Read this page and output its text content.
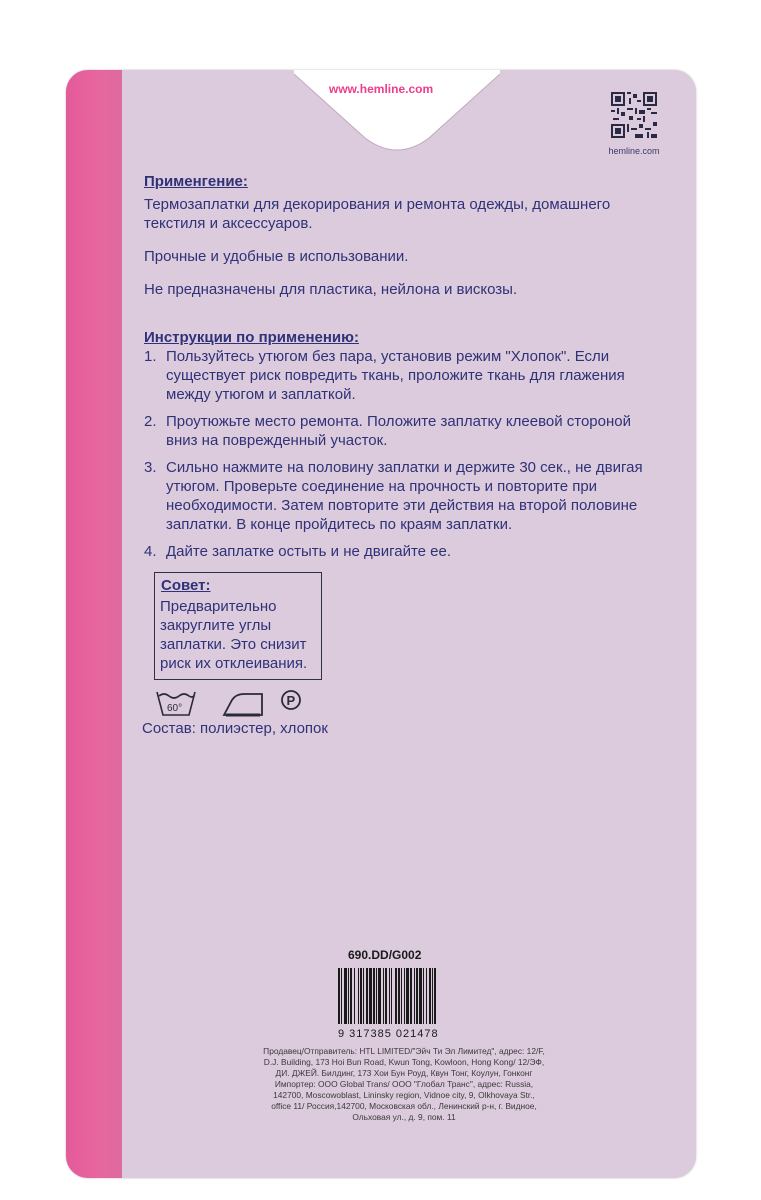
www.hemline.com
hemline.com
Применгение:
Термозаплатки для декорирования и ремонта одежды, домашнего текстиля и аксессуаров.
Прочные и удобные в использовании.
Не предназначены для пластика, нейлона и вискозы.
Инструкции по применению:
1. Пользуйтесь утюгом без пара, установив режим "Хлопок". Если существует риск повредить ткань, проложите ткань для глажения между утюгом и заплаткой.
2. Проутюжьте место ремонта. Положите заплатку клеевой стороной вниз на поврежденный участок.
3. Сильно нажмите на половину заплатки и держите 30 сек., не двигая утюгом. Проверьте соединение на прочность и повторите при необходимости. Затем повторите эти действия на второй половине заплатки. В конце пройдитесь по краям заплатки.
4. Дайте заплатке остыть и не двигайте ее.
Совет:
Предварительно закруглите углы заплатки. Это снизит риск их отклеивания.
60°
P
Состав: полиэстер, хлопок
690.DD/G002
9 317385 021478
Продавец/Отправитель: HTL LIMITED/"Эйч Ти Эл Лимитед", адрес: 12/F,
D.J. Building, 173 Hoi Bun Road, Kwun Tong, Kowloon, Hong Kong/ 12/ЭФ,
ДИ. ДЖЕЙ. Билдинг, 173 Хои Бун Роуд, Квун Тонг, Коулун, Гонконг
Импортер: OOO Global Trans/ ООО "Глобал Транс", адрес: Russia,
142700, Moscowoblast, Lininsky region, Vidnoe city, 9, Olkhovaya Str.,
office 11/ Россия,142700, Московская обл., Ленинский р-н, г. Видное,
Ольховая ул., д. 9, пом. 11
